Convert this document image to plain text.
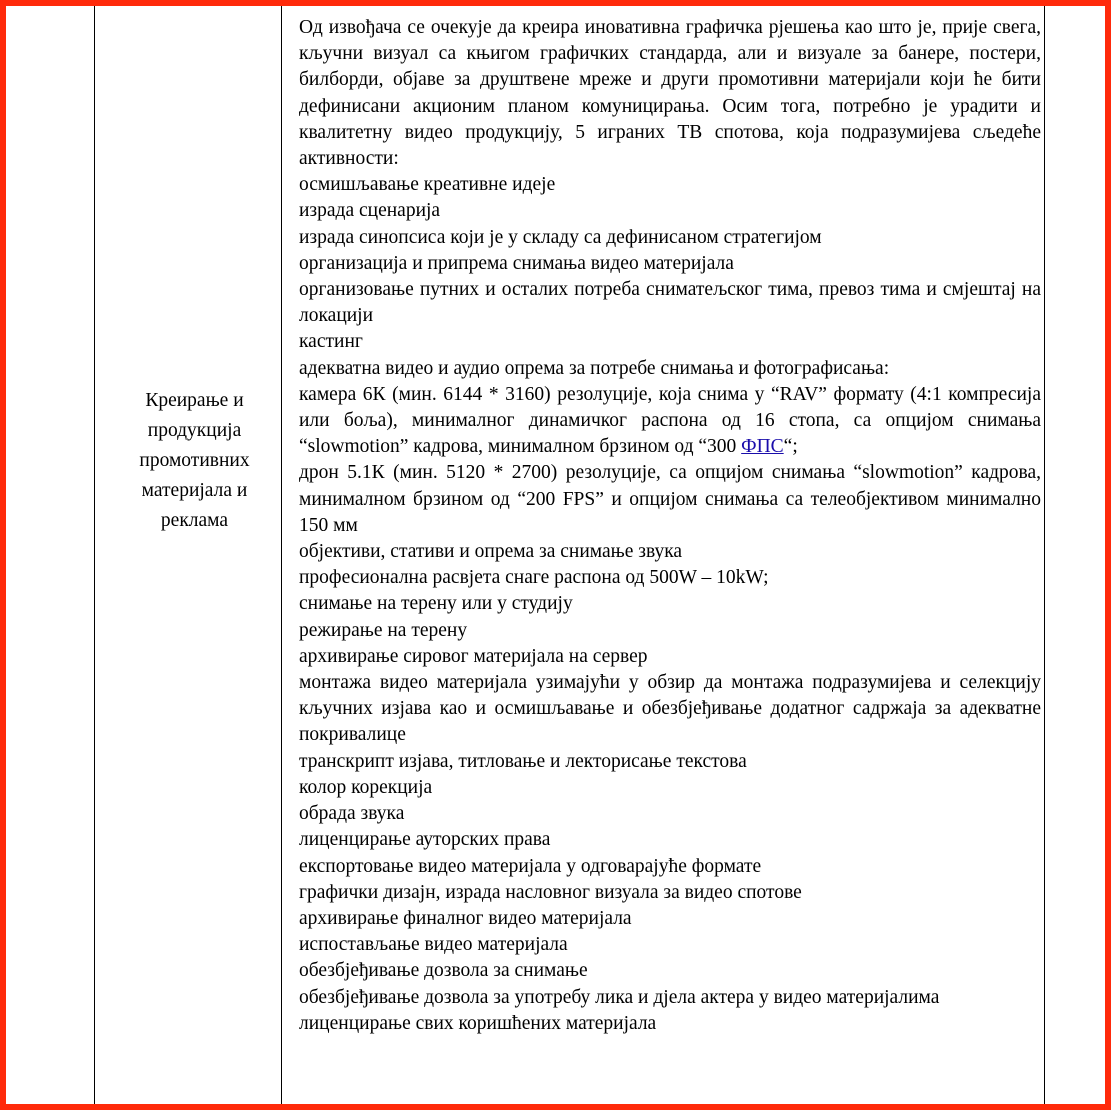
Креирање и
продукција
промотивних
материјала и
реклама

Од извођача се очекује да креира иновативна графичка рјешења као што је, прије свега, кључни визуал са књигом графичких стандарда, али и визуале за банере, постери, билборди, објаве за друштвене мреже и други промотивни материјали који ће бити дефинисани акционим планом комуницирања. Осим тога, потребно је урадити и квалитетну видео продукцију, 5 играних ТВ спотова, која подразумијева сљедеће активности:

осмишљавање креативне идеје

израда сценарија

израда синопсиса који је у складу са дефинисаном стратегијом

организација и припрема снимања видео материјала

организовање путних и осталих потреба сниматељског тима, превоз тима и смјештај на локацији

кастинг

адекватна видео и аудио опрема за потребе снимања и фотографисања:

камера 6К (мин. 6144 * 3160) резолуције, која снима у “RAV” формату (4:1 компресија или боља), минималног динамичког распона од 16 стопа, са опцијом снимања “slowmotion” кадрова, минималном брзином од “300 ФПС“;

дрон 5.1К (мин. 5120 * 2700) резолуције, са опцијом снимања “slowmotion” кадрова, минималном брзином од “200 FPS” и опцијом снимања са телеобјективом минимално 150 мм

објективи, стативи и опрема за снимање звука

професионална расвјета снаге распона од 500W – 10kW;

снимање на терену или у студију

режирање на терену

архивирање сировог материјала на сервер

монтажа видео материјала узимајући у обзир да монтажа подразумијева и селекцију кључних изјава као и осмишљавање и обезбјеђивање додатног садржаја за адекватне покривалице

транскрипт изјава, титловање и лекторисање текстова

колор корекција

обрада звука

лиценцирање ауторских права

експортовање видео материјала у одговарајуће формате

графички дизајн, израда насловног визуала за видео спотове

архивирање финалног видео материјала

испостављање видео материјала

обезбјеђивање дозвола за снимање

обезбјеђивање дозвола за употребу лика и дјела актера у видео материјалима

лиценцирање свих коришћених материјала
